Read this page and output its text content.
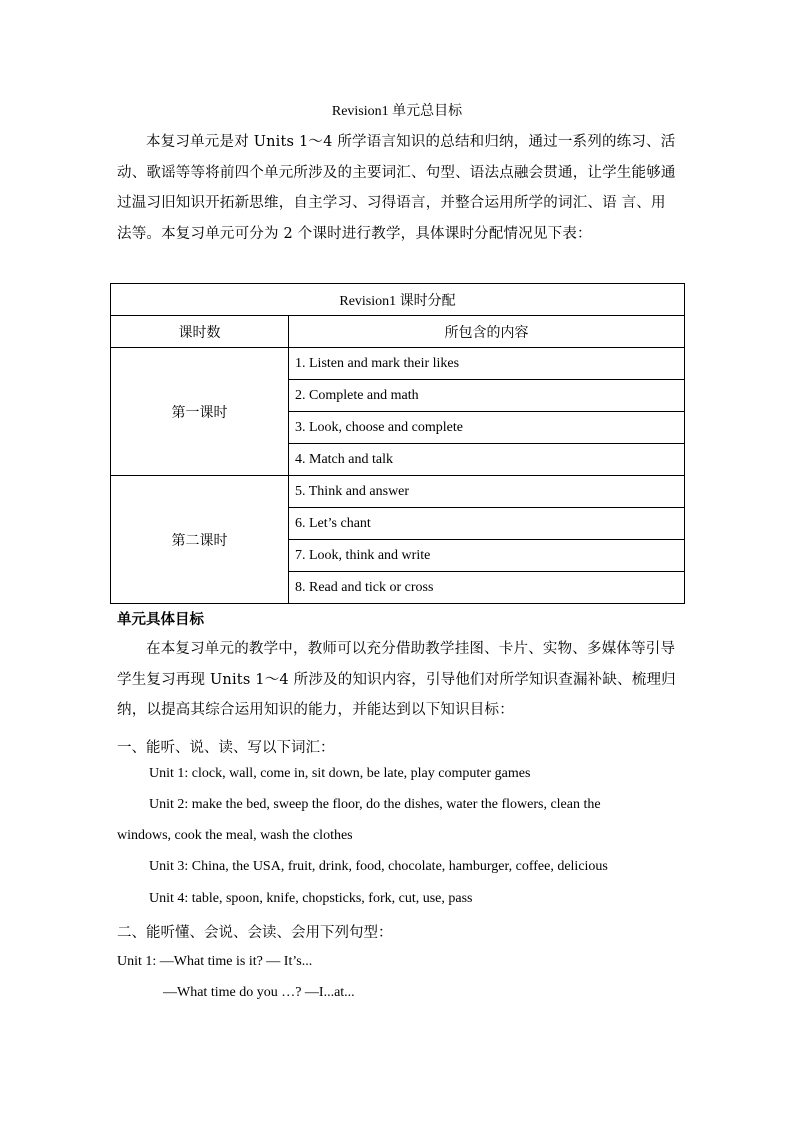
Revision1 单元总目标

本复习单元是对 Units 1～4 所学语言知识的总结和归纳，通过一系列的练习、活动、歌谣等等将前四个单元所涉及的主要词汇、句型、语法点融会贯通，让学生能够通过温习旧知识开拓新思维，自主学习、习得语言，并整合运用所学的词汇、语 言、用法等。本复习单元可分为 2 个课时进行教学，具体课时分配情况见下表：

Revision1 课时分配	
课时数	所包含的内容
第一课时	1. Listen and mark their likes
	2. Complete and math
	3. Look, choose and complete
	4. Match and talk
第二课时	5. Think and answer
	6. Let’s chant
	7. Look, think and write
	8. Read and tick or cross
单元具体目标

在本复习单元的教学中，教师可以充分借助教学挂图、卡片、实物、多媒体等引导学生复习再现 Units 1～4 所涉及的知识内容，引导他们对所学知识查漏补缺、梳理归纳，以提高其综合运用知识的能力，并能达到以下知识目标：

一、能听、说、读、写以下词汇：
Unit 1: clock, wall, come in, sit down, be late, play computer games
Unit 2: make the bed, sweep the floor, do the dishes, water the flowers, clean the
windows, cook the meal, wash the clothes
Unit 3: China, the USA, fruit, drink, food, chocolate, hamburger, coffee, delicious
Unit 4: table, spoon, knife, chopsticks, fork, cut, use, pass
二、能听懂、会说、会读、会用下列句型：
Unit 1: —What time is it? — It’s...
—What time do you …? —I...at...
